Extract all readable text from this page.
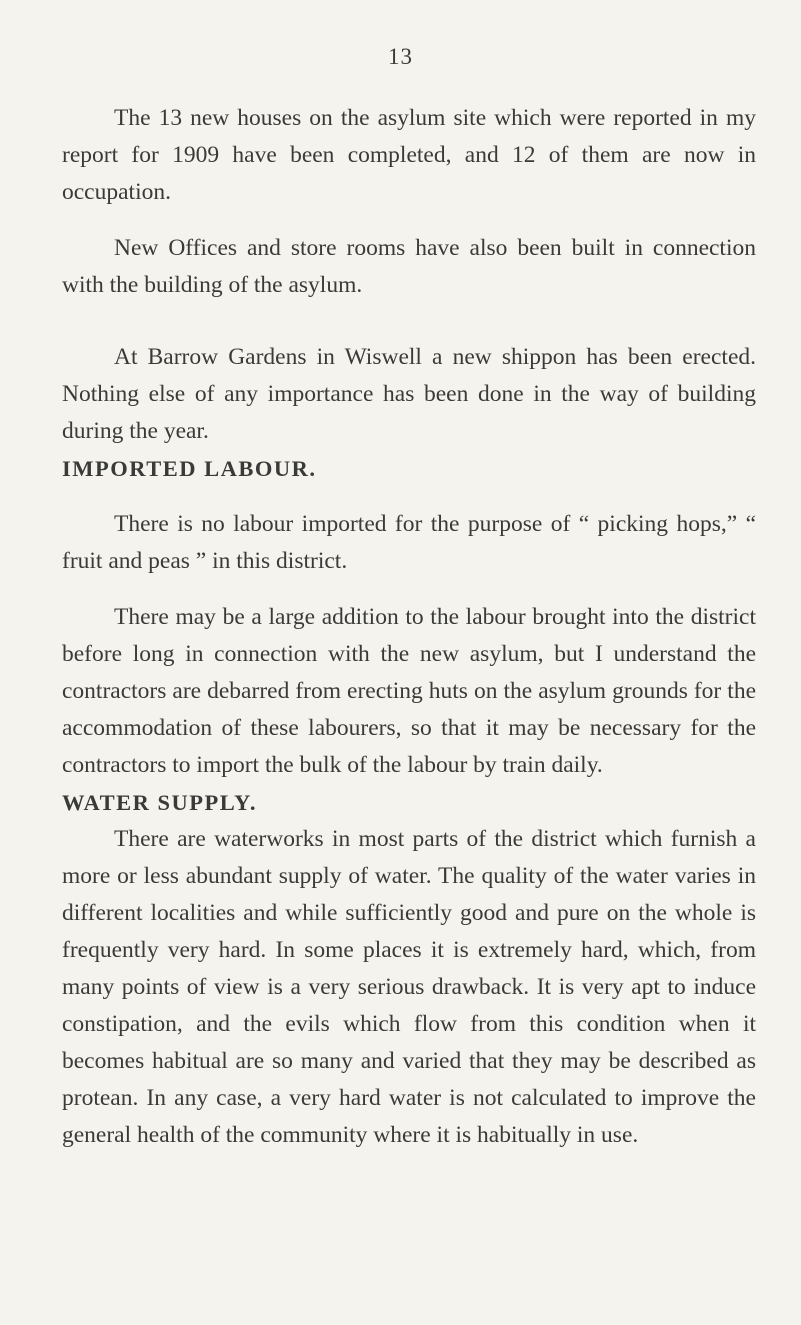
13

The 13 new houses on the asylum site which were reported in my report for 1909 have been completed, and 12 of them are now in occupation.

New Offices and store rooms have also been built in connection with the building of the asylum.

At Barrow Gardens in Wiswell a new shippon has been erected. Nothing else of any importance has been done in the way of building during the year.

IMPORTED LABOUR.

There is no labour imported for the purpose of “ picking hops,” “ fruit and peas ” in this district.

There may be a large addition to the labour brought into the district before long in connection with the new asylum, but I understand the contractors are debarred from erecting huts on the asylum grounds for the accommodation of these labourers, so that it may be necessary for the contractors to import the bulk of the labour by train daily.

WATER SUPPLY.

There are waterworks in most parts of the district which furnish a more or less abundant supply of water. The quality of the water varies in different localities and while sufficiently good and pure on the whole is frequently very hard. In some places it is extremely hard, which, from many points of view is a very serious drawback. It is very apt to induce constipation, and the evils which flow from this condition when it becomes habitual are so many and varied that they may be described as protean. In any case, a very hard water is not calculated to improve the general health of the community where it is habitually in use.
